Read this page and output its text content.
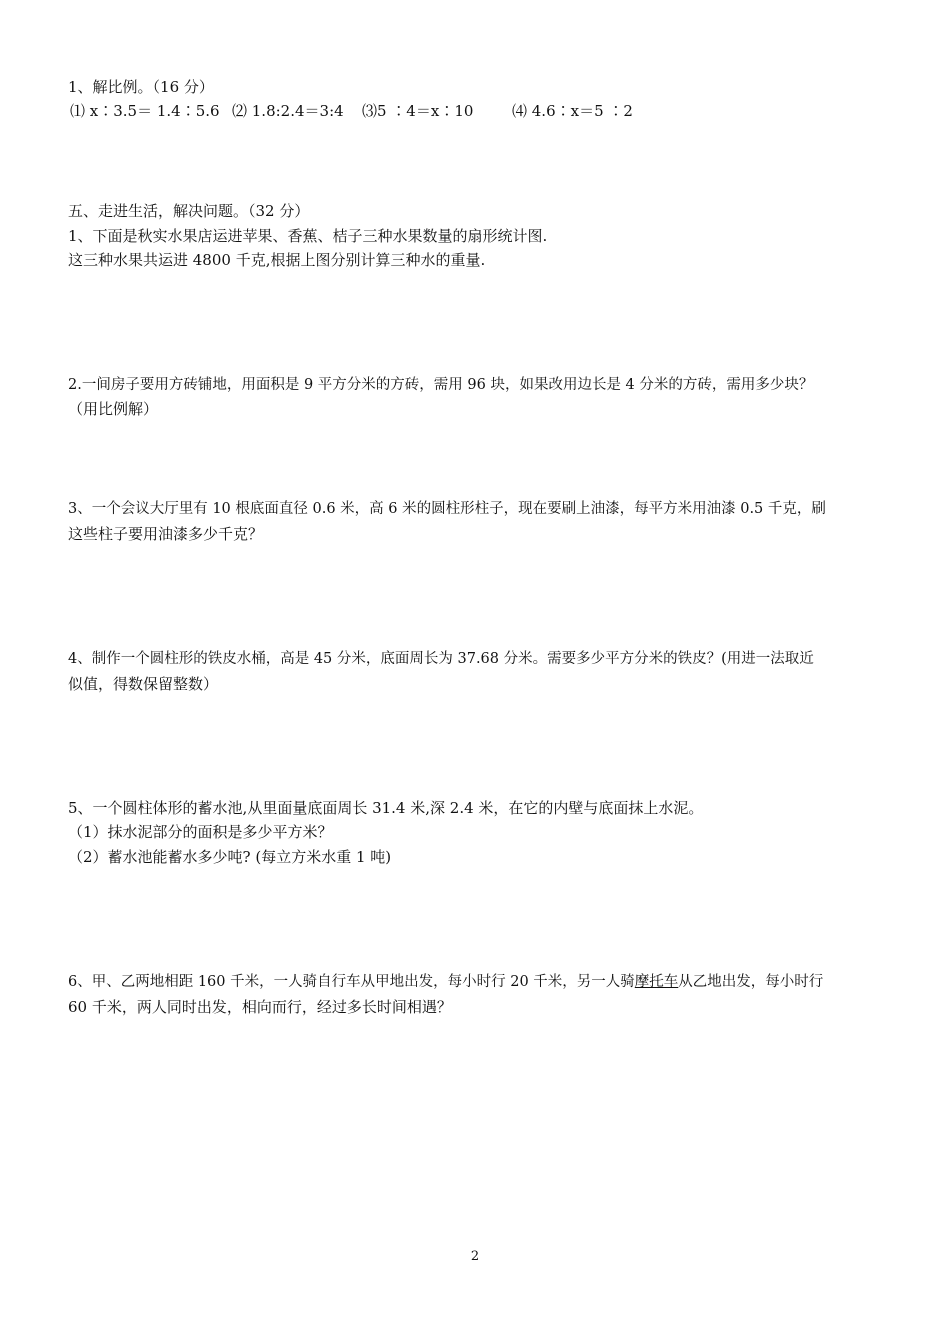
1、解比例。（16 分）
⑴ x∶3.5＝ 1.4∶5.6 ⑵ 1.8:2.4＝3:4 ⑶5 ∶4＝x∶10	⑷ 4.6∶x＝5 ∶2
五、走进生活，解决问题。（32 分）
1、下面是秋实水果店运进苹果、香蕉、桔子三种水果数量的扇形统计图.
这三种水果共运进 4800 千克,根据上图分别计算三种水的重量.
2.一间房子要用方砖铺地，用面积是 9 平方分米的方砖，需用 96 块，如果改用边长是 4 分米的方砖，需用多少块？
（用比例解）
3、一个会议大厅里有 10 根底面直径 0.6 米，高 6 米的圆柱形柱子，现在要刷上油漆，每平方米用油漆 0.5 千克，刷
这些柱子要用油漆多少千克？
4、制作一个圆柱形的铁皮水桶，高是 45 分米，底面周长为 37.68 分米。需要多少平方分米的铁皮？(用进一法取近
似值，得数保留整数）
5、一个圆柱体形的蓄水池,从里面量底面周长 31.4 米,深 2.4 米，在它的内壁与底面抹上水泥。
（1）抹水泥部分的面积是多少平方米？
（2）蓄水池能蓄水多少吨? (每立方米水重 1 吨)
6、甲、乙两地相距 160 千米，一人骑自行车从甲地出发，每小时行 20 千米，另一人骑摩托车从乙地出发，每小时行
60 千米，两人同时出发，相向而行，经过多长时间相遇？
2
